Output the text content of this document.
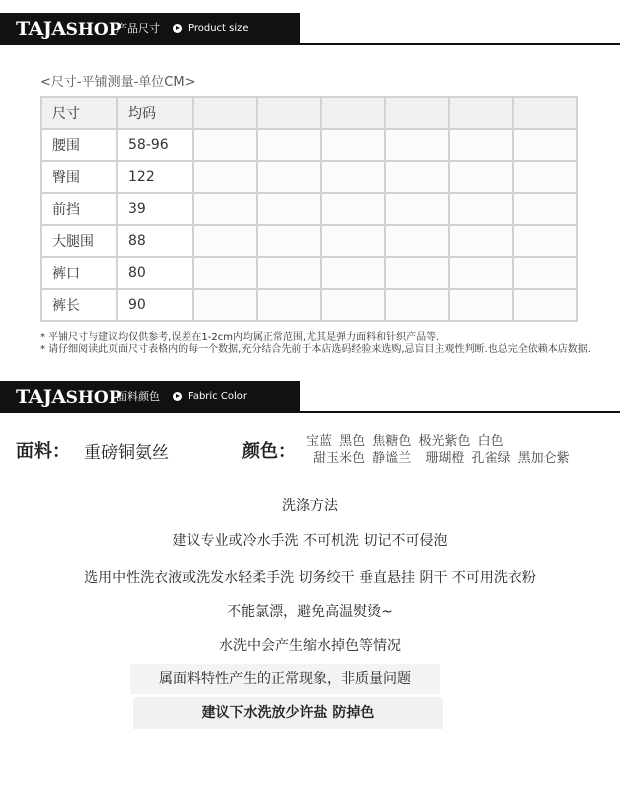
TAJASHOP
产品尺寸	Product size
<尺寸-平铺测量-单位CM>
尺寸	均码						
腰围	58-96						
臀围	122						
前挡	39						
大腿围	88						
裤口	80						
裤长	90						
* 平铺尺寸与建议均仅供参考,误差在1-2cm内均属正常范围,尤其是弹力面料和针织产品等.
* 请仔细阅读此页面尺寸表格内的每一个数据,充分结合先前于本店选码经验来选购,忌盲目主观性判断.也总完全依赖本店数据.
TAJASHOP
面料颜色	Fabric Color
面料： 重磅铜氨丝	颜色： 宝蓝 黑色 焦糖色 极光紫色 白色
甜玉米色 静谧兰 珊瑚橙 孔雀绿 黑加仑紫
洗涤方法
建议专业或冷水手洗 不可机洗 切记不可侵泡
选用中性洗衣液或洗发水轻柔手洗 切务绞干 垂直悬挂 阴干 不可用洗衣粉
不能氯漂，避免高温熨烫~
水洗中会产生缩水掉色等情况
属面料特性产生的正常现象，非质量问题
建议下水洗放少许盐 防掉色
